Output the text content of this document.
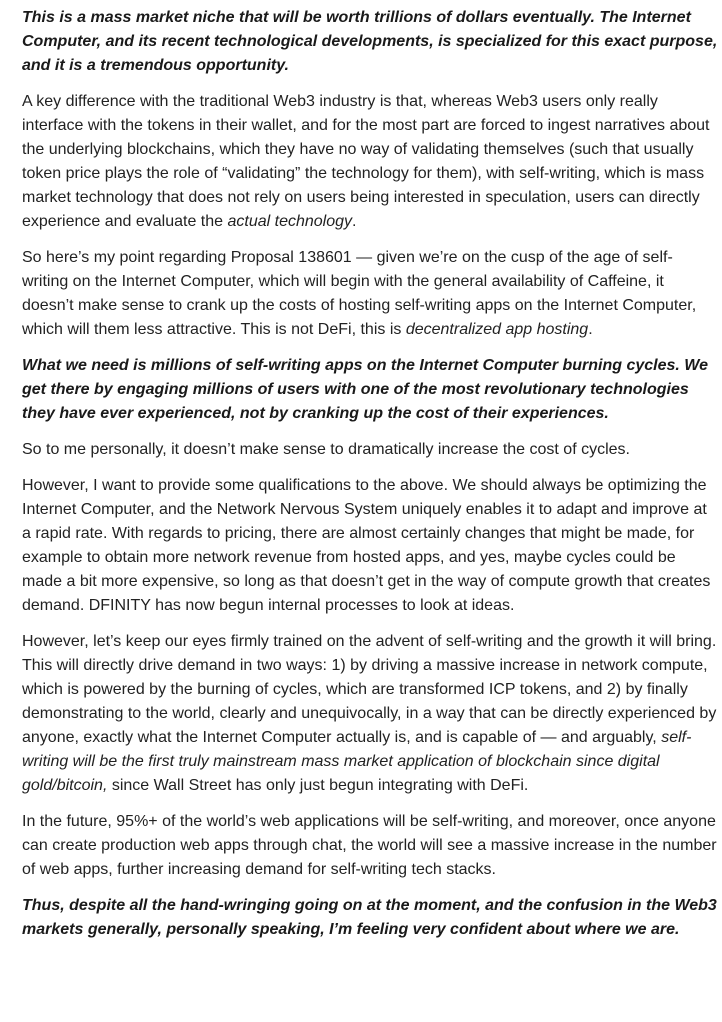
This is a mass market niche that will be worth trillions of dollars eventually. The Internet Computer, and its recent technological developments, is specialized for this exact purpose, and it is a tremendous opportunity.

A key difference with the traditional Web3 industry is that, whereas Web3 users only really interface with the tokens in their wallet, and for the most part are forced to ingest narratives about the underlying blockchains, which they have no way of validating themselves (such that usually token price plays the role of “validating” the technology for them), with self-writing, which is mass market technology that does not rely on users being interested in speculation, users can directly experience and evaluate the actual technology.

So here’s my point regarding Proposal 138601 — given we’re on the cusp of the age of self-writing on the Internet Computer, which will begin with the general availability of Caffeine, it doesn’t make sense to crank up the costs of hosting self-writing apps on the Internet Computer, which will them less attractive. This is not DeFi, this is decentralized app hosting.

What we need is millions of self-writing apps on the Internet Computer burning cycles. We get there by engaging millions of users with one of the most revolutionary technologies they have ever experienced, not by cranking up the cost of their experiences.

So to me personally, it doesn’t make sense to dramatically increase the cost of cycles.

However, I want to provide some qualifications to the above. We should always be optimizing the Internet Computer, and the Network Nervous System uniquely enables it to adapt and improve at a rapid rate. With regards to pricing, there are almost certainly changes that might be made, for example to obtain more network revenue from hosted apps, and yes, maybe cycles could be made a bit more expensive, so long as that doesn’t get in the way of compute growth that creates demand. DFINITY has now begun internal processes to look at ideas.

However, let’s keep our eyes firmly trained on the advent of self-writing and the growth it will bring. This will directly drive demand in two ways: 1) by driving a massive increase in network compute, which is powered by the burning of cycles, which are transformed ICP tokens, and 2) by finally demonstrating to the world, clearly and unequivocally, in a way that can be directly experienced by anyone, exactly what the Internet Computer actually is, and is capable of — and arguably, self-writing will be the first truly mainstream mass market application of blockchain since digital gold/bitcoin, since Wall Street has only just begun integrating with DeFi.

In the future, 95%+ of the world’s web applications will be self-writing, and moreover, once anyone can create production web apps through chat, the world will see a massive increase in the number of web apps, further increasing demand for self-writing tech stacks.

Thus, despite all the hand-wringing going on at the moment, and the confusion in the Web3 markets generally, personally speaking, I’m feeling very confident about where we are.
